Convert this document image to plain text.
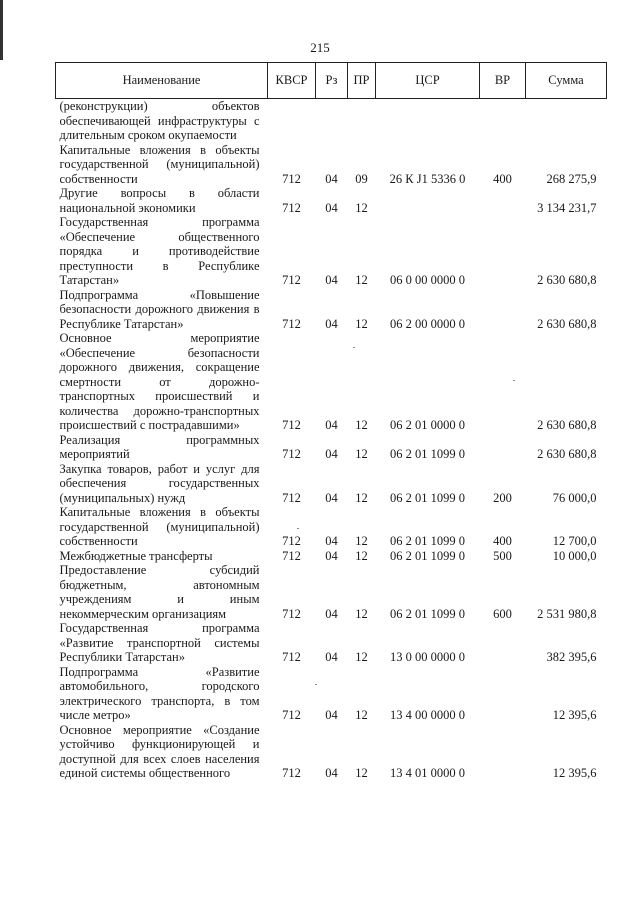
215
Наименование	КВСР	Рз	ПР	ЦСР	ВР	Сумма
(реконструкции) объектов обеспечивающей инфраструктуры с длительным сроком окупаемости						
Капитальные вложения в объекты государственной (муниципальной) собственности	712	04	09	26 К J1 5336 0	400	268 275,9
Другие вопросы в области национальной экономики	712	04	12			3 134 231,7
Государственная программа «Обеспечение общественного порядка и противодействие преступности в Республике Татарстан»	712	04	12	06 0 00 0000 0		2 630 680,8
Подпрограмма «Повышение безопасности дорожного движения в Республике Татарстан»	712	04	12	06 2 00 0000 0		2 630 680,8
Основное мероприятие «Обеспечение безопасности дорожного движения, сокращение смертности от дорожно-транспортных происшествий и количества дорожно-транспортных происшествий с пострадавшими»	712	04	12	06 2 01 0000 0		2 630 680,8
Реализация программных мероприятий	712	04	12	06 2 01 1099 0		2 630 680,8
Закупка товаров, работ и услуг для обеспечения государственных (муниципальных) нужд	712	04	12	06 2 01 1099 0	200	76 000,0
Капитальные вложения в объекты государственной (муниципальной) собственности	712	04	12	06 2 01 1099 0	400	12 700,0
Межбюджетные трансферты	712	04	12	06 2 01 1099 0	500	10 000,0
Предоставление субсидий бюджетным, автономным учреждениям и иным некоммерческим организациям	712	04	12	06 2 01 1099 0	600	2 531 980,8
Государственная программа «Развитие транспортной системы Республики Татарстан»	712	04	12	13 0 00 0000 0		382 395,6
Подпрограмма «Развитие автомобильного, городского электрического транспорта, в том числе метро»	712	04	12	13 4 00 0000 0		12 395,6
Основное мероприятие «Создание устойчиво функционирующей и доступной для всех слоев населения единой системы общественного	712	04	12	13 4 01 0000 0		12 395,6
